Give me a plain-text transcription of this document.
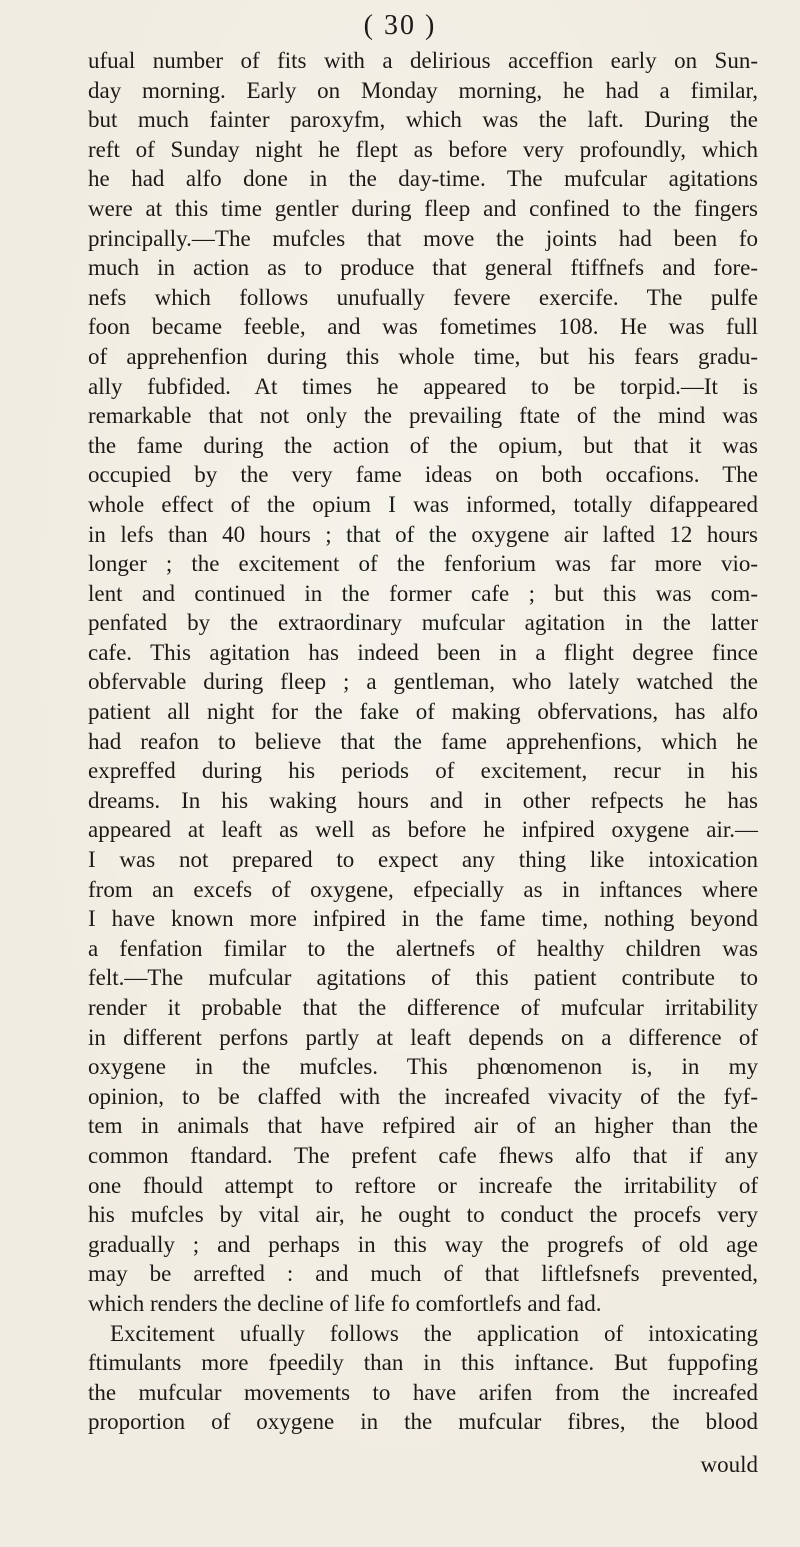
( 30 )
ufual number of fits with a delirious acceffion early on Sun-
day morning. Early on Monday morning, he had a fimilar,
but much fainter paroxyfm, which was the laft. During the
reft of Sunday night he flept as before very profoundly, which
he had alfo done in the day-time. The mufcular agitations
were at this time gentler during fleep and confined to the fingers
principally.—The mufcles that move the joints had been fo
much in action as to produce that general ftiffnefs and fore-
nefs which follows unufually fevere exercife. The pulfe
foon became feeble, and was fometimes 108. He was full
of apprehenfion during this whole time, but his fears gradu-
ally fubfided. At times he appeared to be torpid.—It is
remarkable that not only the prevailing ftate of the mind was
the fame during the action of the opium, but that it was
occupied by the very fame ideas on both occafions. The
whole effect of the opium I was informed, totally difappeared
in lefs than 40 hours ; that of the oxygene air lafted 12 hours
longer ; the excitement of the fenforium was far more vio-
lent and continued in the former cafe ; but this was com-
penfated by the extraordinary mufcular agitation in the latter
cafe. This agitation has indeed been in a flight degree fince
obfervable during fleep ; a gentleman, who lately watched the
patient all night for the fake of making obfervations, has alfo
had reafon to believe that the fame apprehenfions, which he
expreffed during his periods of excitement, recur in his
dreams. In his waking hours and in other refpects he has
appeared at leaft as well as before he infpired oxygene air.—
I was not prepared to expect any thing like intoxication
from an excefs of oxygene, efpecially as in inftances where
I have known more infpired in the fame time, nothing beyond
a fenfation fimilar to the alertnefs of healthy children was
felt.—The mufcular agitations of this patient contribute to
render it probable that the difference of mufcular irritability
in different perfons partly at leaft depends on a difference of
oxygene in the mufcles. This phœnomenon is, in my
opinion, to be claffed with the increafed vivacity of the fyf-
tem in animals that have refpired air of an higher than the
common ftandard. The prefent cafe fhews alfo that if any
one fhould attempt to reftore or increafe the irritability of
his mufcles by vital air, he ought to conduct the procefs very
gradually ; and perhaps in this way the progrefs of old age
may be arrefted : and much of that liftlefsnefs prevented,
which renders the decline of life fo comfortlefs and fad.
Excitement ufually follows the application of intoxicating
ftimulants more fpeedily than in this inftance. But fuppofing
the mufcular movements to have arifen from the increafed
proportion of oxygene in the mufcular fibres, the blood
would
